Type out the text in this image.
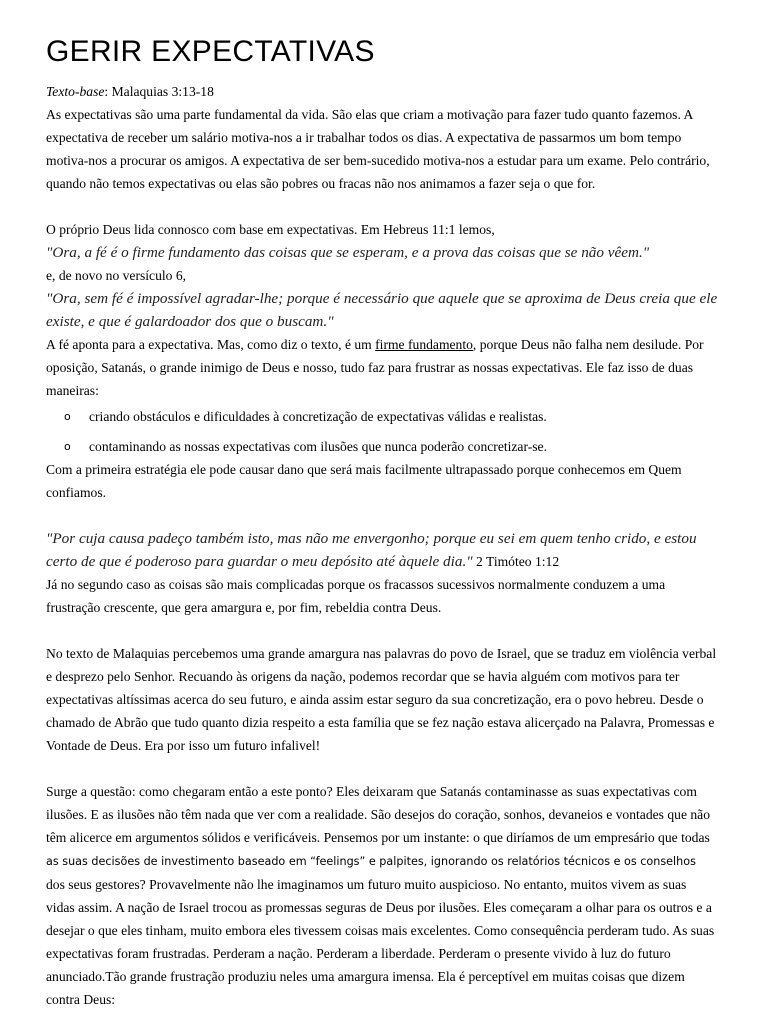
GERIR EXPECTATIVAS

Texto-base: Malaquias 3:13-18

As expectativas são uma parte fundamental da vida. São elas que criam a motivação para fazer tudo quanto fazemos. A expectativa de receber um salário motiva-nos a ir trabalhar todos os dias. A expectativa de passarmos um bom tempo motiva-nos a procurar os amigos. A expectativa de ser bem-sucedido motiva-nos a estudar para um exame. Pelo contrário, quando não temos expectativas ou elas são pobres ou fracas não nos animamos a fazer seja o que for.

O próprio Deus lida connosco com base em expectativas. Em Hebreus 11:1 lemos,

"Ora, a fé é o firme fundamento das coisas que se esperam, e a prova das coisas que se não vêem."

e, de novo no versículo 6,

"Ora, sem fé é impossível agradar-lhe; porque é necessário que aquele que se aproxima de Deus creia que ele existe, e que é galardoador dos que o buscam."

A fé aponta para a expectativa. Mas, como diz o texto, é um firme fundamento, porque Deus não falha nem desilude. Por oposição, Satanás, o grande inimigo de Deus e nosso, tudo faz para frustrar as nossas expectativas. Ele faz isso de duas maneiras:

o criando obstáculos e dificuldades à concretização de expectativas válidas e realistas.
o contaminando as nossas expectativas com ilusões que nunca poderão concretizar-se.

Com a primeira estratégia ele pode causar dano que será mais facilmente ultrapassado porque conhecemos em Quem confiamos.

"Por cuja causa padeço também isto, mas não me envergonho; porque eu sei em quem tenho crido, e estou certo de que é poderoso para guardar o meu depósito até àquele dia." 2 Timóteo 1:12

Já no segundo caso as coisas são mais complicadas porque os fracassos sucessivos normalmente conduzem a uma frustração crescente, que gera amargura e, por fim, rebeldia contra Deus.

No texto de Malaquias percebemos uma grande amargura nas palavras do povo de Israel, que se traduz em violência verbal e desprezo pelo Senhor. Recuando às origens da nação, podemos recordar que se havia alguém com motivos para ter expectativas altíssimas acerca do seu futuro, e ainda assim estar seguro da sua concretização, era o povo hebreu. Desde o chamado de Abrão que tudo quanto dizia respeito a esta família que se fez nação estava alicerçado na Palavra, Promessas e Vontade de Deus. Era por isso um futuro infalivel!

Surge a questão: como chegaram então a este ponto? Eles deixaram que Satanás contaminasse as suas expectativas com ilusões. E as ilusões não têm nada que ver com a realidade. São desejos do coração, sonhos, devaneios e vontades que não têm alicerce em argumentos sólidos e verificáveis. Pensemos por um instante: o que diríamos de um empresário que todas as suas decisões de investimento baseado em “feelings” e palpites, ignorando os relatórios técnicos e os conselhos dos seus gestores? Provavelmente não lhe imaginamos um futuro muito auspicioso. No entanto, muitos vivem as suas vidas assim. A nação de Israel trocou as promessas seguras de Deus por ilusões. Eles começaram a olhar para os outros e a desejar o que eles tinham, muito embora eles tivessem coisas mais excelentes. Como consequência perderam tudo. As suas expectativas foram frustradas. Perderam a nação. Perderam a liberdade. Perderam o presente vivido à luz do futuro anunciado.Tão grande frustração produziu neles uma amargura imensa. Ela é perceptível em muitas coisas que dizem contra Deus:
